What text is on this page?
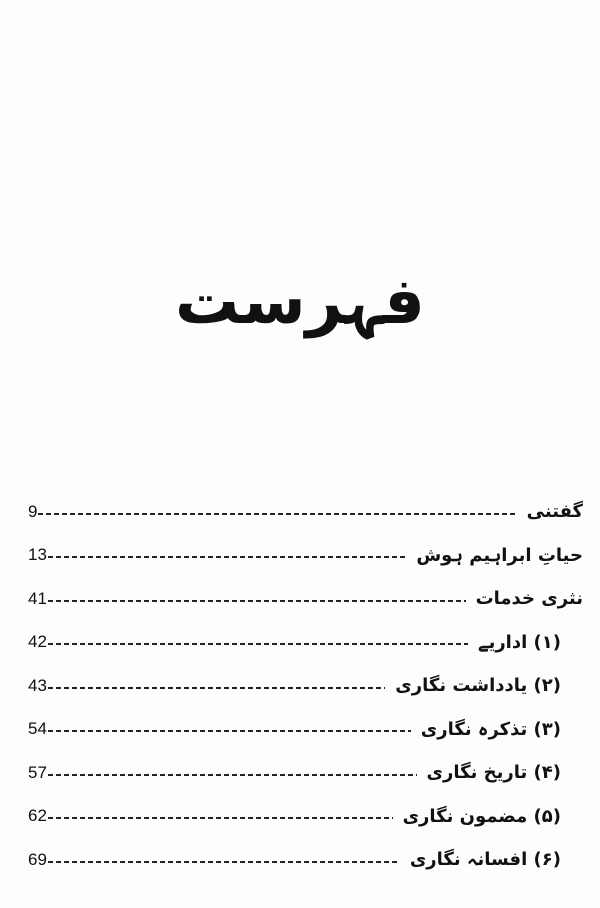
فہرست
9	گفتنی
13	حیاتِ ابراہیم ہوش
41	نثری خدمات
42	(۱) اداریے
43	(۲) یادداشت نگاری
54	(۳) تذکرہ نگاری
57	(۴) تاریخ نگاری
62	(۵) مضمون نگاری
69	(۶) افسانہ نگاری
